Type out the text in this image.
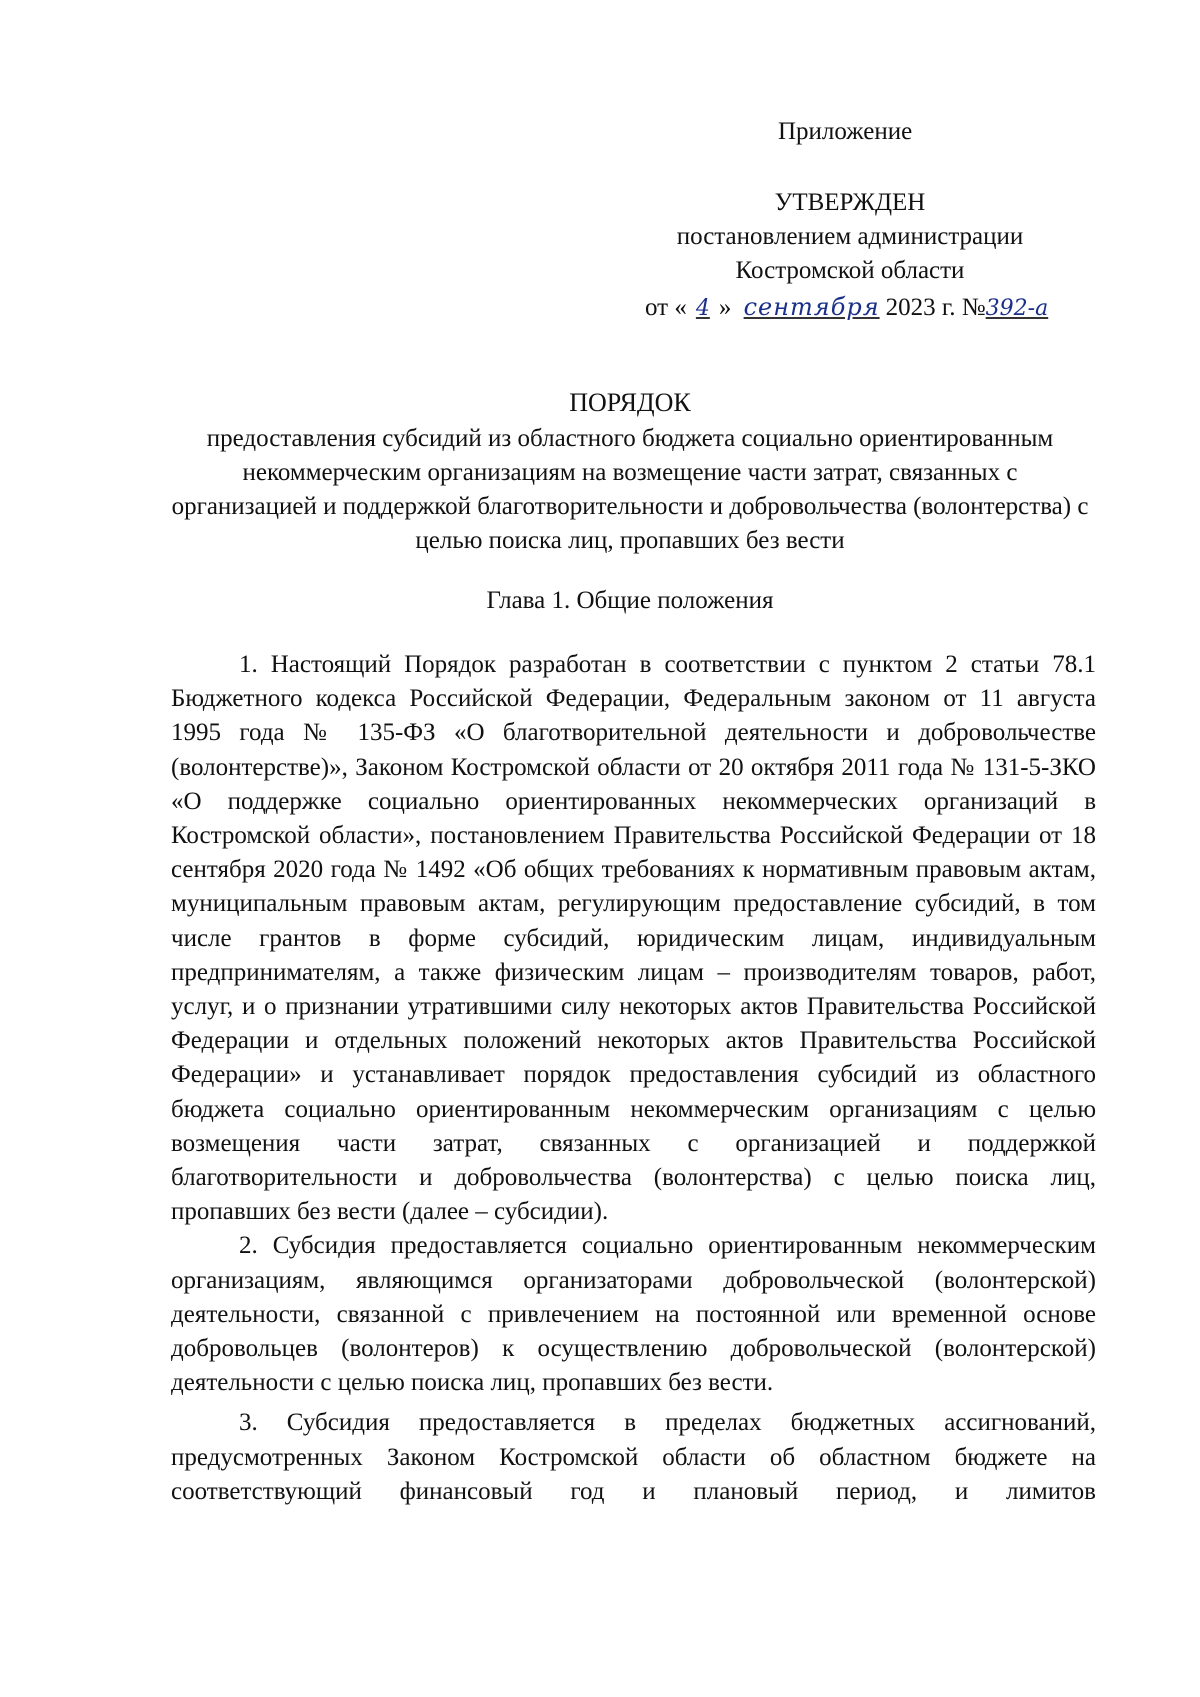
Приложение
УТВЕРЖДЕН
постановлением администрации
Костромской области
от « 4 » сентября 2023 г. №392-а
ПОРЯДОК
предоставления субсидий из областного бюджета социально ориентированным некоммерческим организациям на возмещение части затрат, связанных с организацией и поддержкой благотворительности и добровольчества (волонтерства) с целью поиска лиц, пропавших без вести
Глава 1. Общие положения

1. Настоящий Порядок разработан в соответствии с пунктом 2 статьи 78.1 Бюджетного кодекса Российской Федерации, Федеральным законом от 11 августа 1995 года № 135-ФЗ «О благотворительной деятельности и добровольчестве (волонтерстве)», Законом Костромской области от 20 октября 2011 года № 131-5-ЗКО «О поддержке социально ориентированных некоммерческих организаций в Костромской области», постановлением Правительства Российской Федерации от 18 сентября 2020 года № 1492 «Об общих требованиях к нормативным правовым актам, муниципальным правовым актам, регулирующим предоставление субсидий, в том числе грантов в форме субсидий, юридическим лицам, индивидуальным предпринимателям, а также физическим лицам – производителям товаров, работ, услуг, и о признании утратившими силу некоторых актов Правительства Российской Федерации и отдельных положений некоторых актов Правительства Российской Федерации» и устанавливает порядок предоставления субсидий из областного бюджета социально ориентированным некоммерческим организациям с целью возмещения части затрат, связанных с организацией и поддержкой благотворительности и добровольчества (волонтерства) с целью поиска лиц, пропавших без вести (далее – субсидии).

2. Субсидия предоставляется социально ориентированным некоммерческим организациям, являющимся организаторами добровольческой (волонтерской) деятельности, связанной с привлечением на постоянной или временной основе добровольцев (волонтеров) к осуществлению добровольческой (волонтерской) деятельности с целью поиска лиц, пропавших без вести.

3. Субсидия предоставляется в пределах бюджетных ассигнований, предусмотренных Законом Костромской области об областном бюджете на соответствующий финансовый год и плановый период, и лимитов
